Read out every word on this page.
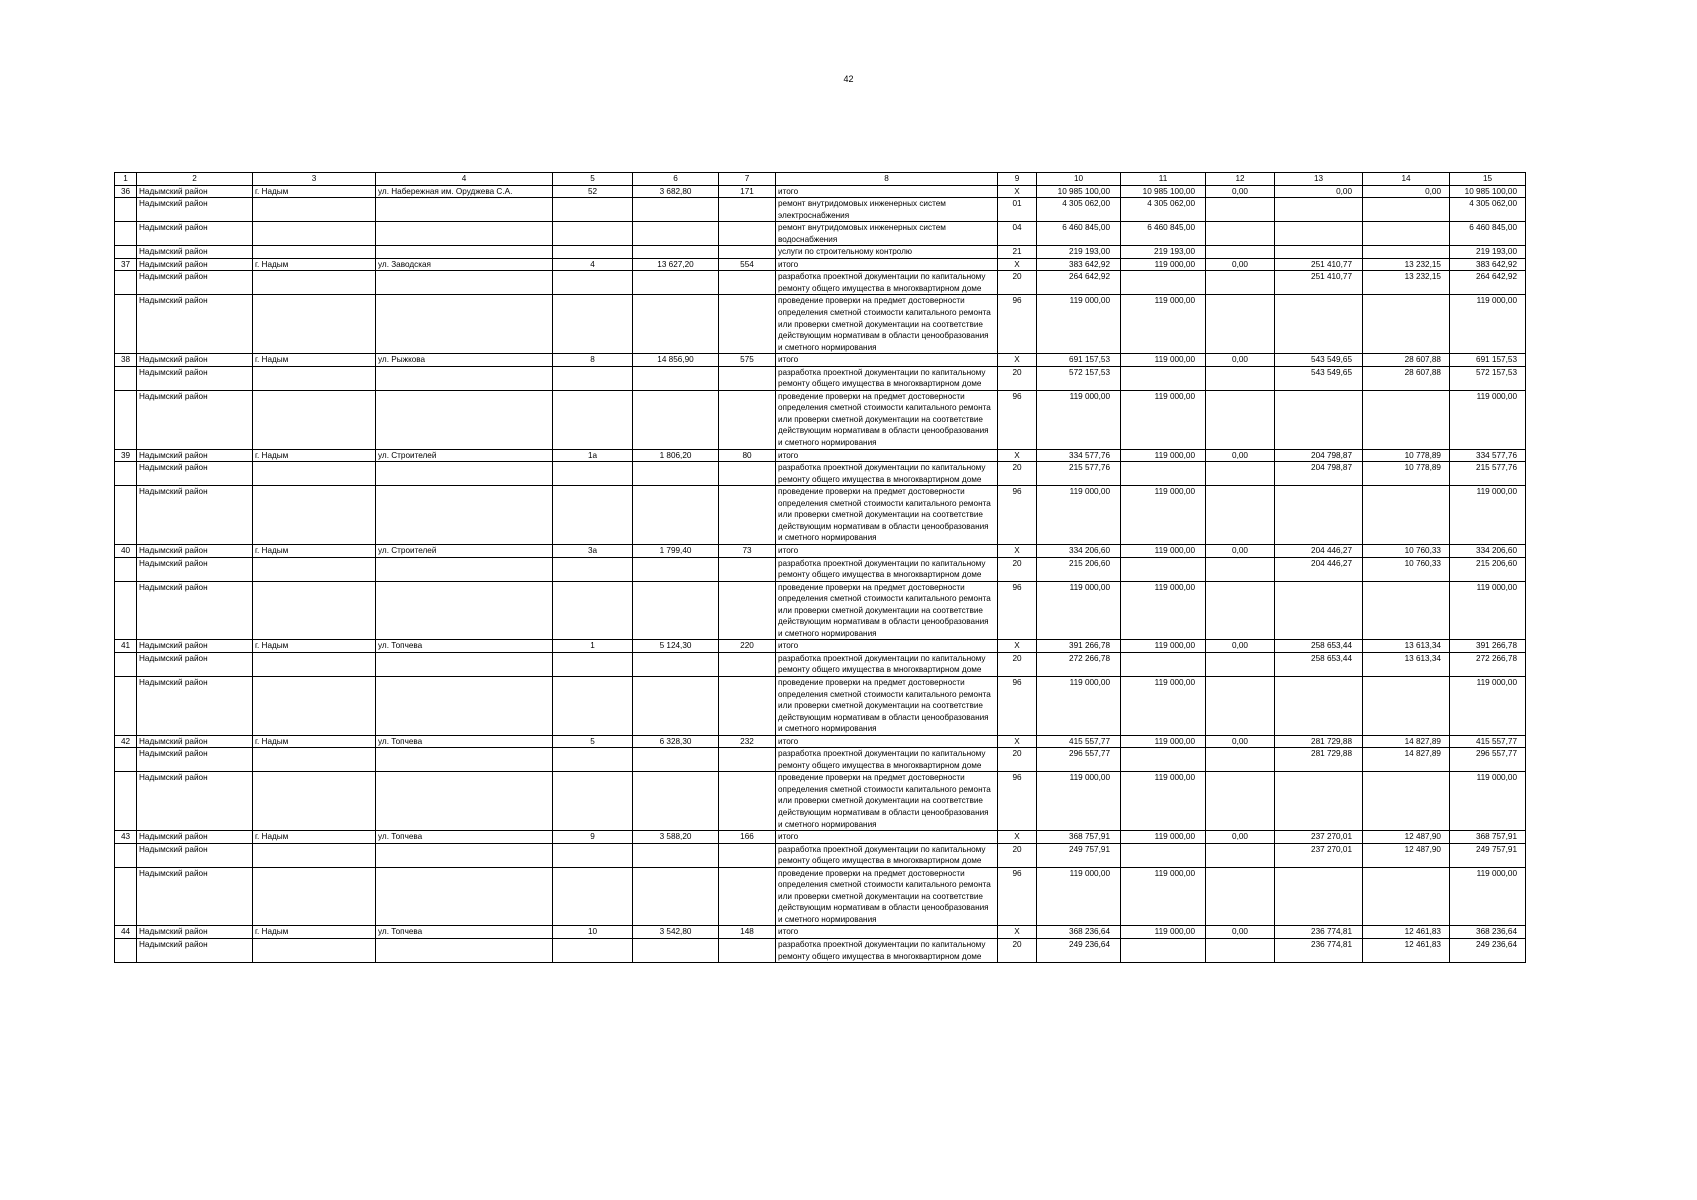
42
1	2	3	4	5	6	7	8	9	10	11	12	13	14	15
36	Надымский район	г. Надым	ул. Набережная им. Оруджева С.А.	52	3 682,80	171	итого	X	10 985 100,00	10 985 100,00	0,00	0,00	0,00	10 985 100,00
	Надымский район						ремонт внутридомовых инженерных систем электроснабжения	01	4 305 062,00	4 305 062,00				4 305 062,00
	Надымский район						ремонт внутридомовых инженерных систем водоснабжения	04	6 460 845,00	6 460 845,00				6 460 845,00
	Надымский район						услуги по строительному контролю	21	219 193,00	219 193,00				219 193,00
37	Надымский район	г. Надым	ул. Заводская	4	13 627,20	554	итого	X	383 642,92	119 000,00	0,00	251 410,77	13 232,15	383 642,92
	Надымский район						разработка проектной документации по капитальному ремонту общего имущества в многоквартирном доме	20	264 642,92			251 410,77	13 232,15	264 642,92
	Надымский район						проведение проверки на предмет достоверности определения сметной стоимости капитального ремонта или проверки сметной документации на соответствие действующим нормативам в области ценообразования и сметного нормирования	96	119 000,00	119 000,00				119 000,00
38	Надымский район	г. Надым	ул. Рыжкова	8	14 856,90	575	итого	X	691 157,53	119 000,00	0,00	543 549,65	28 607,88	691 157,53
	Надымский район						разработка проектной документации по капитальному ремонту общего имущества в многоквартирном доме	20	572 157,53			543 549,65	28 607,88	572 157,53
	Надымский район						проведение проверки на предмет достоверности определения сметной стоимости капитального ремонта или проверки сметной документации на соответствие действующим нормативам в области ценообразования и сметного нормирования	96	119 000,00	119 000,00				119 000,00
39	Надымский район	г. Надым	ул. Строителей	1а	1 806,20	80	итого	X	334 577,76	119 000,00	0,00	204 798,87	10 778,89	334 577,76
	Надымский район						разработка проектной документации по капитальному ремонту общего имущества в многоквартирном доме	20	215 577,76			204 798,87	10 778,89	215 577,76
	Надымский район						проведение проверки на предмет достоверности определения сметной стоимости капитального ремонта или проверки сметной документации на соответствие действующим нормативам в области ценообразования и сметного нормирования	96	119 000,00	119 000,00				119 000,00
40	Надымский район	г. Надым	ул. Строителей	3а	1 799,40	73	итого	X	334 206,60	119 000,00	0,00	204 446,27	10 760,33	334 206,60
	Надымский район						разработка проектной документации по капитальному ремонту общего имущества в многоквартирном доме	20	215 206,60			204 446,27	10 760,33	215 206,60
	Надымский район						проведение проверки на предмет достоверности определения сметной стоимости капитального ремонта или проверки сметной документации на соответствие действующим нормативам в области ценообразования и сметного нормирования	96	119 000,00	119 000,00				119 000,00
41	Надымский район	г. Надым	ул. Топчева	1	5 124,30	220	итого	X	391 266,78	119 000,00	0,00	258 653,44	13 613,34	391 266,78
	Надымский район						разработка проектной документации по капитальному ремонту общего имущества в многоквартирном доме	20	272 266,78			258 653,44	13 613,34	272 266,78
	Надымский район						проведение проверки на предмет достоверности определения сметной стоимости капитального ремонта или проверки сметной документации на соответствие действующим нормативам в области ценообразования и сметного нормирования	96	119 000,00	119 000,00				119 000,00
42	Надымский район	г. Надым	ул. Топчева	5	6 328,30	232	итого	X	415 557,77	119 000,00	0,00	281 729,88	14 827,89	415 557,77
	Надымский район						разработка проектной документации по капитальному ремонту общего имущества в многоквартирном доме	20	296 557,77			281 729,88	14 827,89	296 557,77
	Надымский район						проведение проверки на предмет достоверности определения сметной стоимости капитального ремонта или проверки сметной документации на соответствие действующим нормативам в области ценообразования и сметного нормирования	96	119 000,00	119 000,00				119 000,00
43	Надымский район	г. Надым	ул. Топчева	9	3 588,20	166	итого	X	368 757,91	119 000,00	0,00	237 270,01	12 487,90	368 757,91
	Надымский район						разработка проектной документации по капитальному ремонту общего имущества в многоквартирном доме	20	249 757,91			237 270,01	12 487,90	249 757,91
	Надымский район						проведение проверки на предмет достоверности определения сметной стоимости капитального ремонта или проверки сметной документации на соответствие действующим нормативам в области ценообразования и сметного нормирования	96	119 000,00	119 000,00				119 000,00
44	Надымский район	г. Надым	ул. Топчева	10	3 542,80	148	итого	X	368 236,64	119 000,00	0,00	236 774,81	12 461,83	368 236,64
	Надымский район						разработка проектной документации по капитальному ремонту общего имущества в многоквартирном доме	20	249 236,64			236 774,81	12 461,83	249 236,64
